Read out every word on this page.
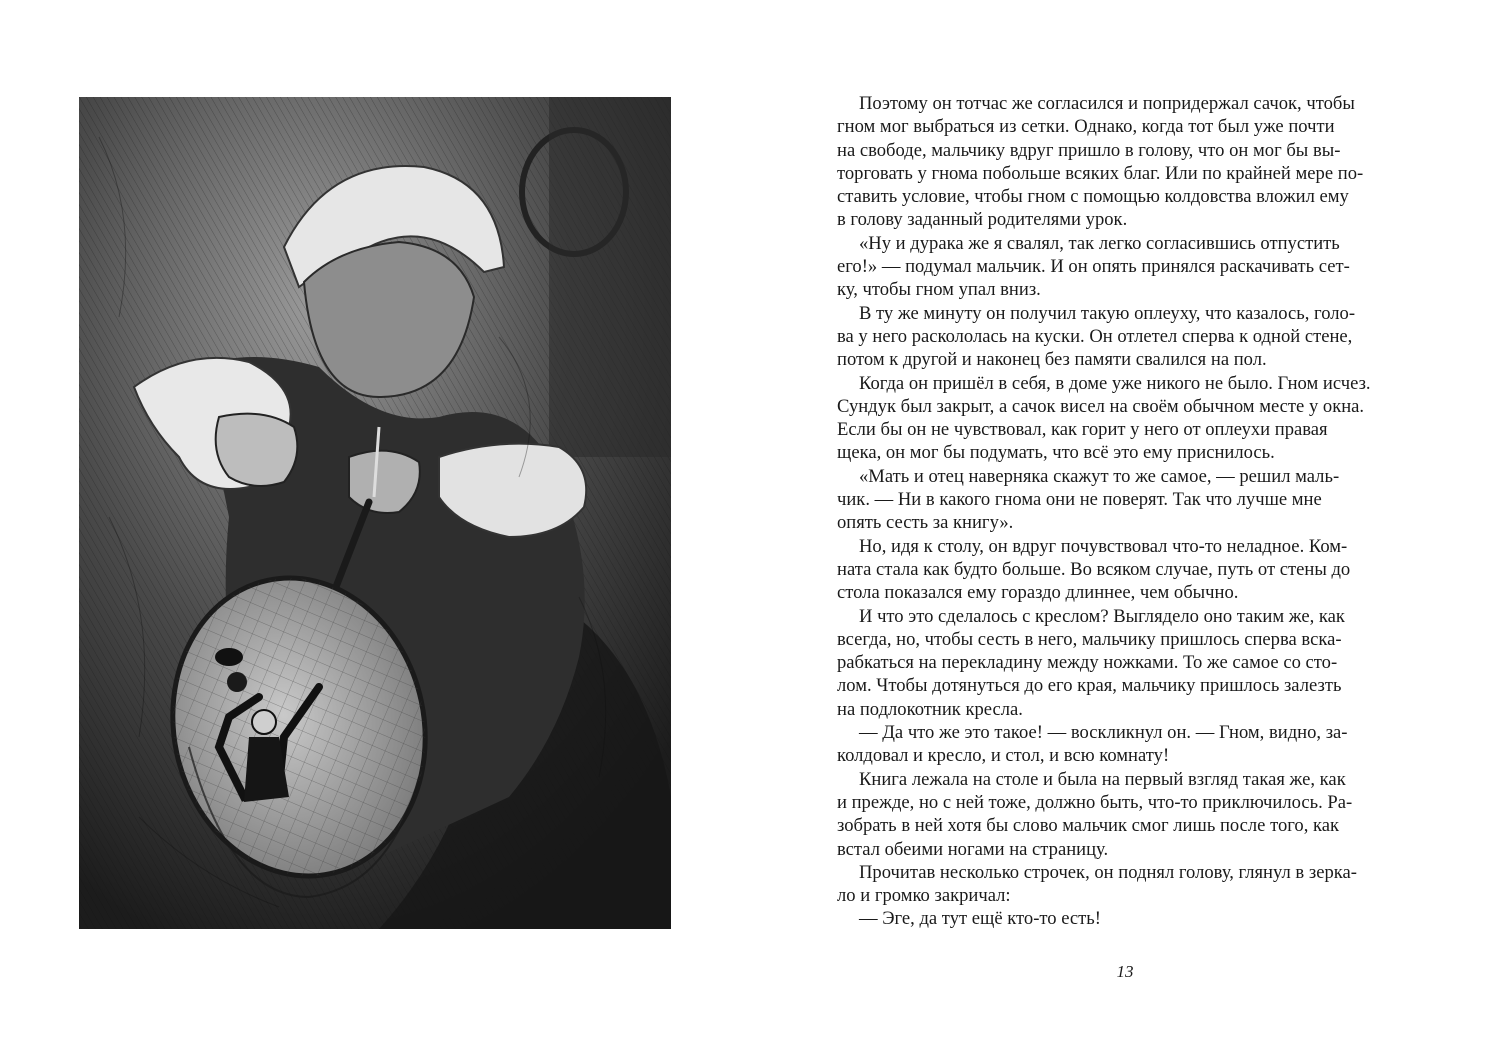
Поэтому он тотчас же согласился и попридержал сачок, чтобы
гном мог выбраться из сетки. Однако, когда тот был уже почти
на свободе, мальчику вдруг пришло в голову, что он мог бы вы-
торговать у гнома побольше всяких благ. Или по крайней мере по-
ставить условие, чтобы гном с помощью колдовства вложил ему
в голову заданный родителями урок.
«Ну и дурака же я свалял, так легко согласившись отпустить
его!» — подумал мальчик. И он опять принялся раскачивать сет-
ку, чтобы гном упал вниз.
В ту же минуту он получил такую оплеуху, что казалось, голо-
ва у него раскололась на куски. Он отлетел сперва к одной стене,
потом к другой и наконец без памяти свалился на пол.
Когда он пришёл в себя, в доме уже никого не было. Гном исчез.
Сундук был закрыт, а сачок висел на своём обычном месте у окна.
Если бы он не чувствовал, как горит у него от оплеухи правая
щека, он мог бы подумать, что всё это ему приснилось.
«Мать и отец наверняка скажут то же самое, — решил маль-
чик. — Ни в какого гнома они не поверят. Так что лучше мне
опять сесть за книгу».
Но, идя к столу, он вдруг почувствовал что-то неладное. Ком-
ната стала как будто больше. Во всяком случае, путь от стены до
стола показался ему гораздо длиннее, чем обычно.
И что это сделалось с креслом? Выглядело оно таким же, как
всегда, но, чтобы сесть в него, мальчику пришлось сперва вска-
рабкаться на перекладину между ножками. То же самое со сто-
лом. Чтобы дотянуться до его края, мальчику пришлось залезть
на подлокотник кресла.
— Да что же это такое! — воскликнул он. — Гном, видно, за-
колдовал и кресло, и стол, и всю комнату!
Книга лежала на столе и была на первый взгляд такая же, как
и прежде, но с ней тоже, должно быть, что-то приключилось. Ра-
зобрать в ней хотя бы слово мальчик смог лишь после того, как
встал обеими ногами на страницу.
Прочитав несколько строчек, он поднял голову, глянул в зерка-
ло и громко закричал:
— Эге, да тут ещё кто-то есть!
13
